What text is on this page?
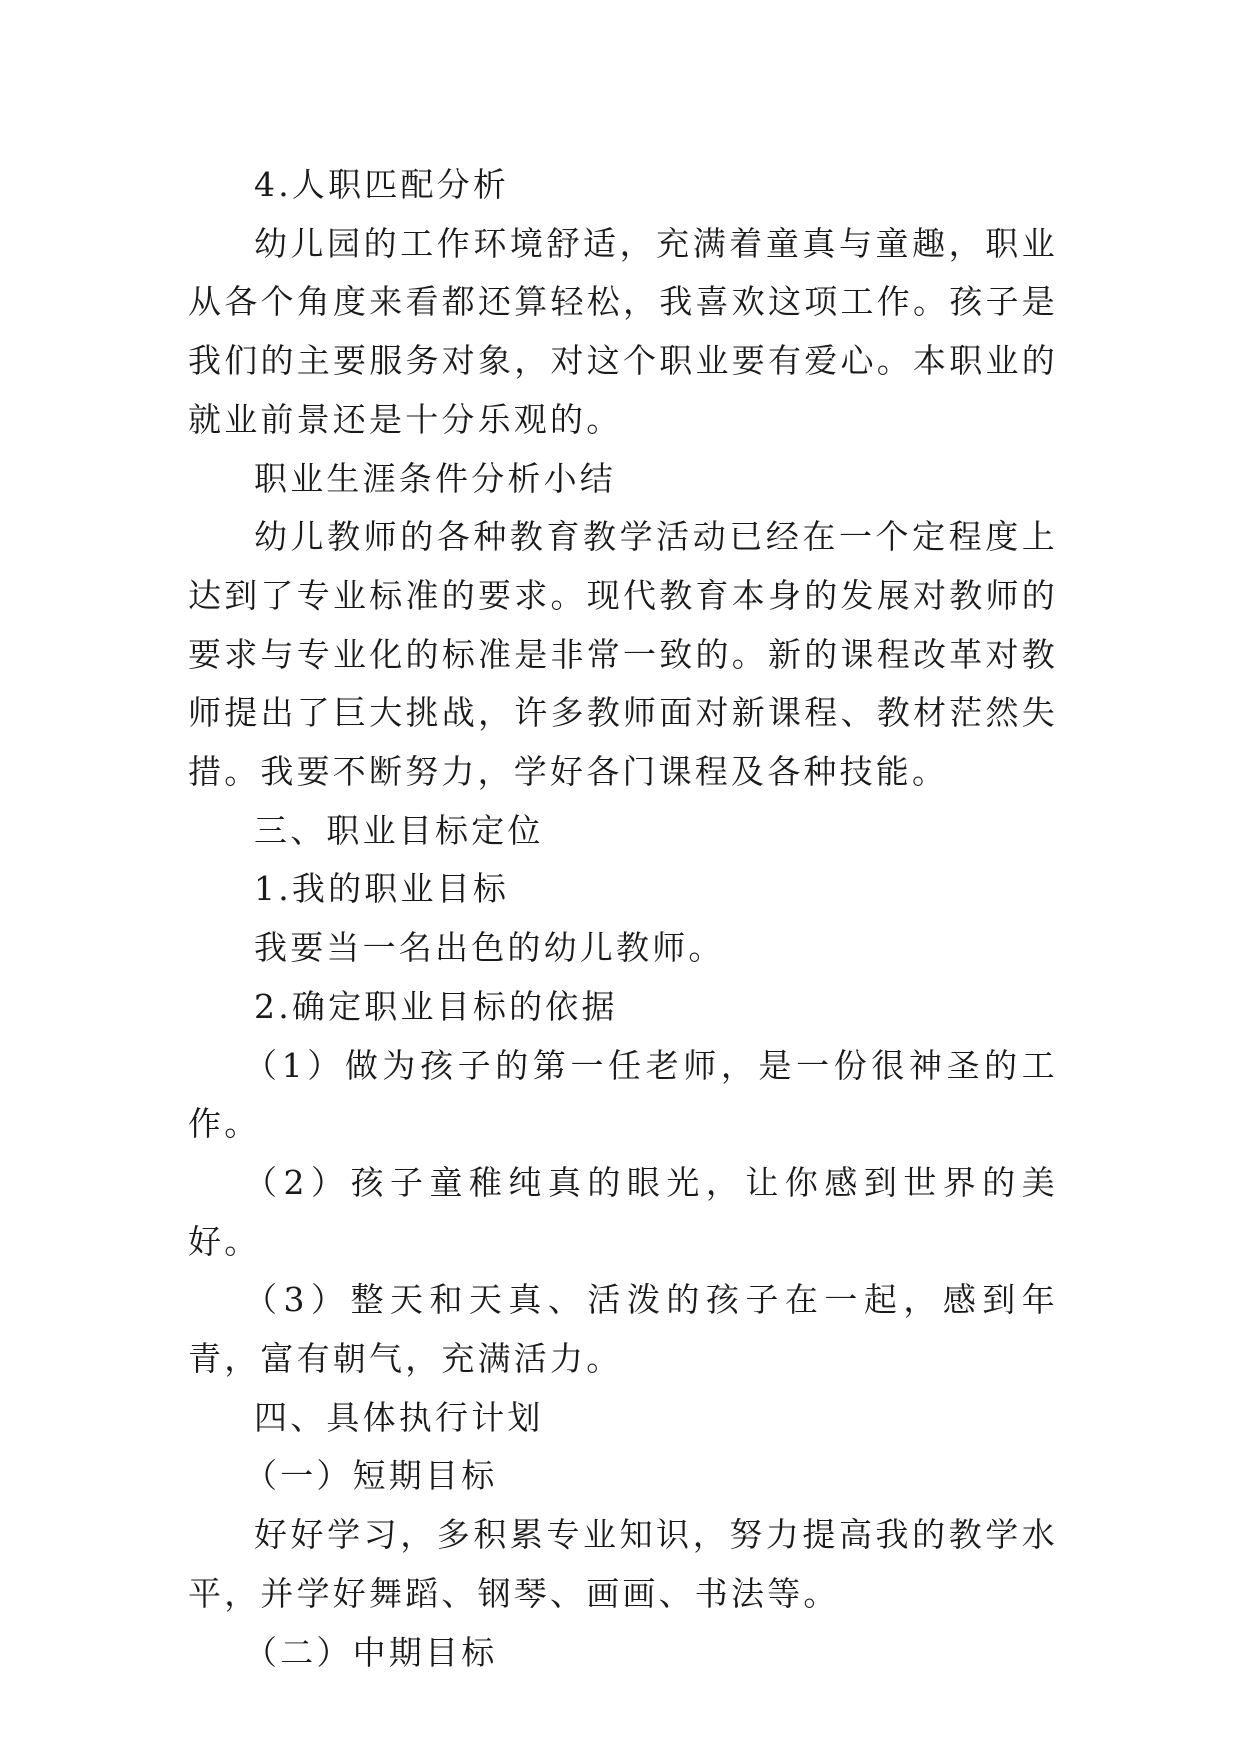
4.人职匹配分析

幼儿园的工作环境舒适，充满着童真与童趣，职业从各个角度来看都还算轻松，我喜欢这项工作。孩子是我们的主要服务对象，对这个职业要有爱心。本职业的就业前景还是十分乐观的。

职业生涯条件分析小结

幼儿教师的各种教育教学活动已经在一个定程度上达到了专业标准的要求。现代教育本身的发展对教师的要求与专业化的标准是非常一致的。新的课程改革对教师提出了巨大挑战，许多教师面对新课程、教材茫然失措。我要不断努力，学好各门课程及各种技能。

三、职业目标定位

1.我的职业目标

我要当一名出色的幼儿教师。

2.确定职业目标的依据

（1）做为孩子的第一任老师，是一份很神圣的工作。

（2）孩子童稚纯真的眼光，让你感到世界的美好。

（3）整天和天真、活泼的孩子在一起，感到年青，富有朝气，充满活力。

四、具体执行计划

（一）短期目标

好好学习，多积累专业知识，努力提高我的教学水平，并学好舞蹈、钢琴、画画、书法等。

（二）中期目标
